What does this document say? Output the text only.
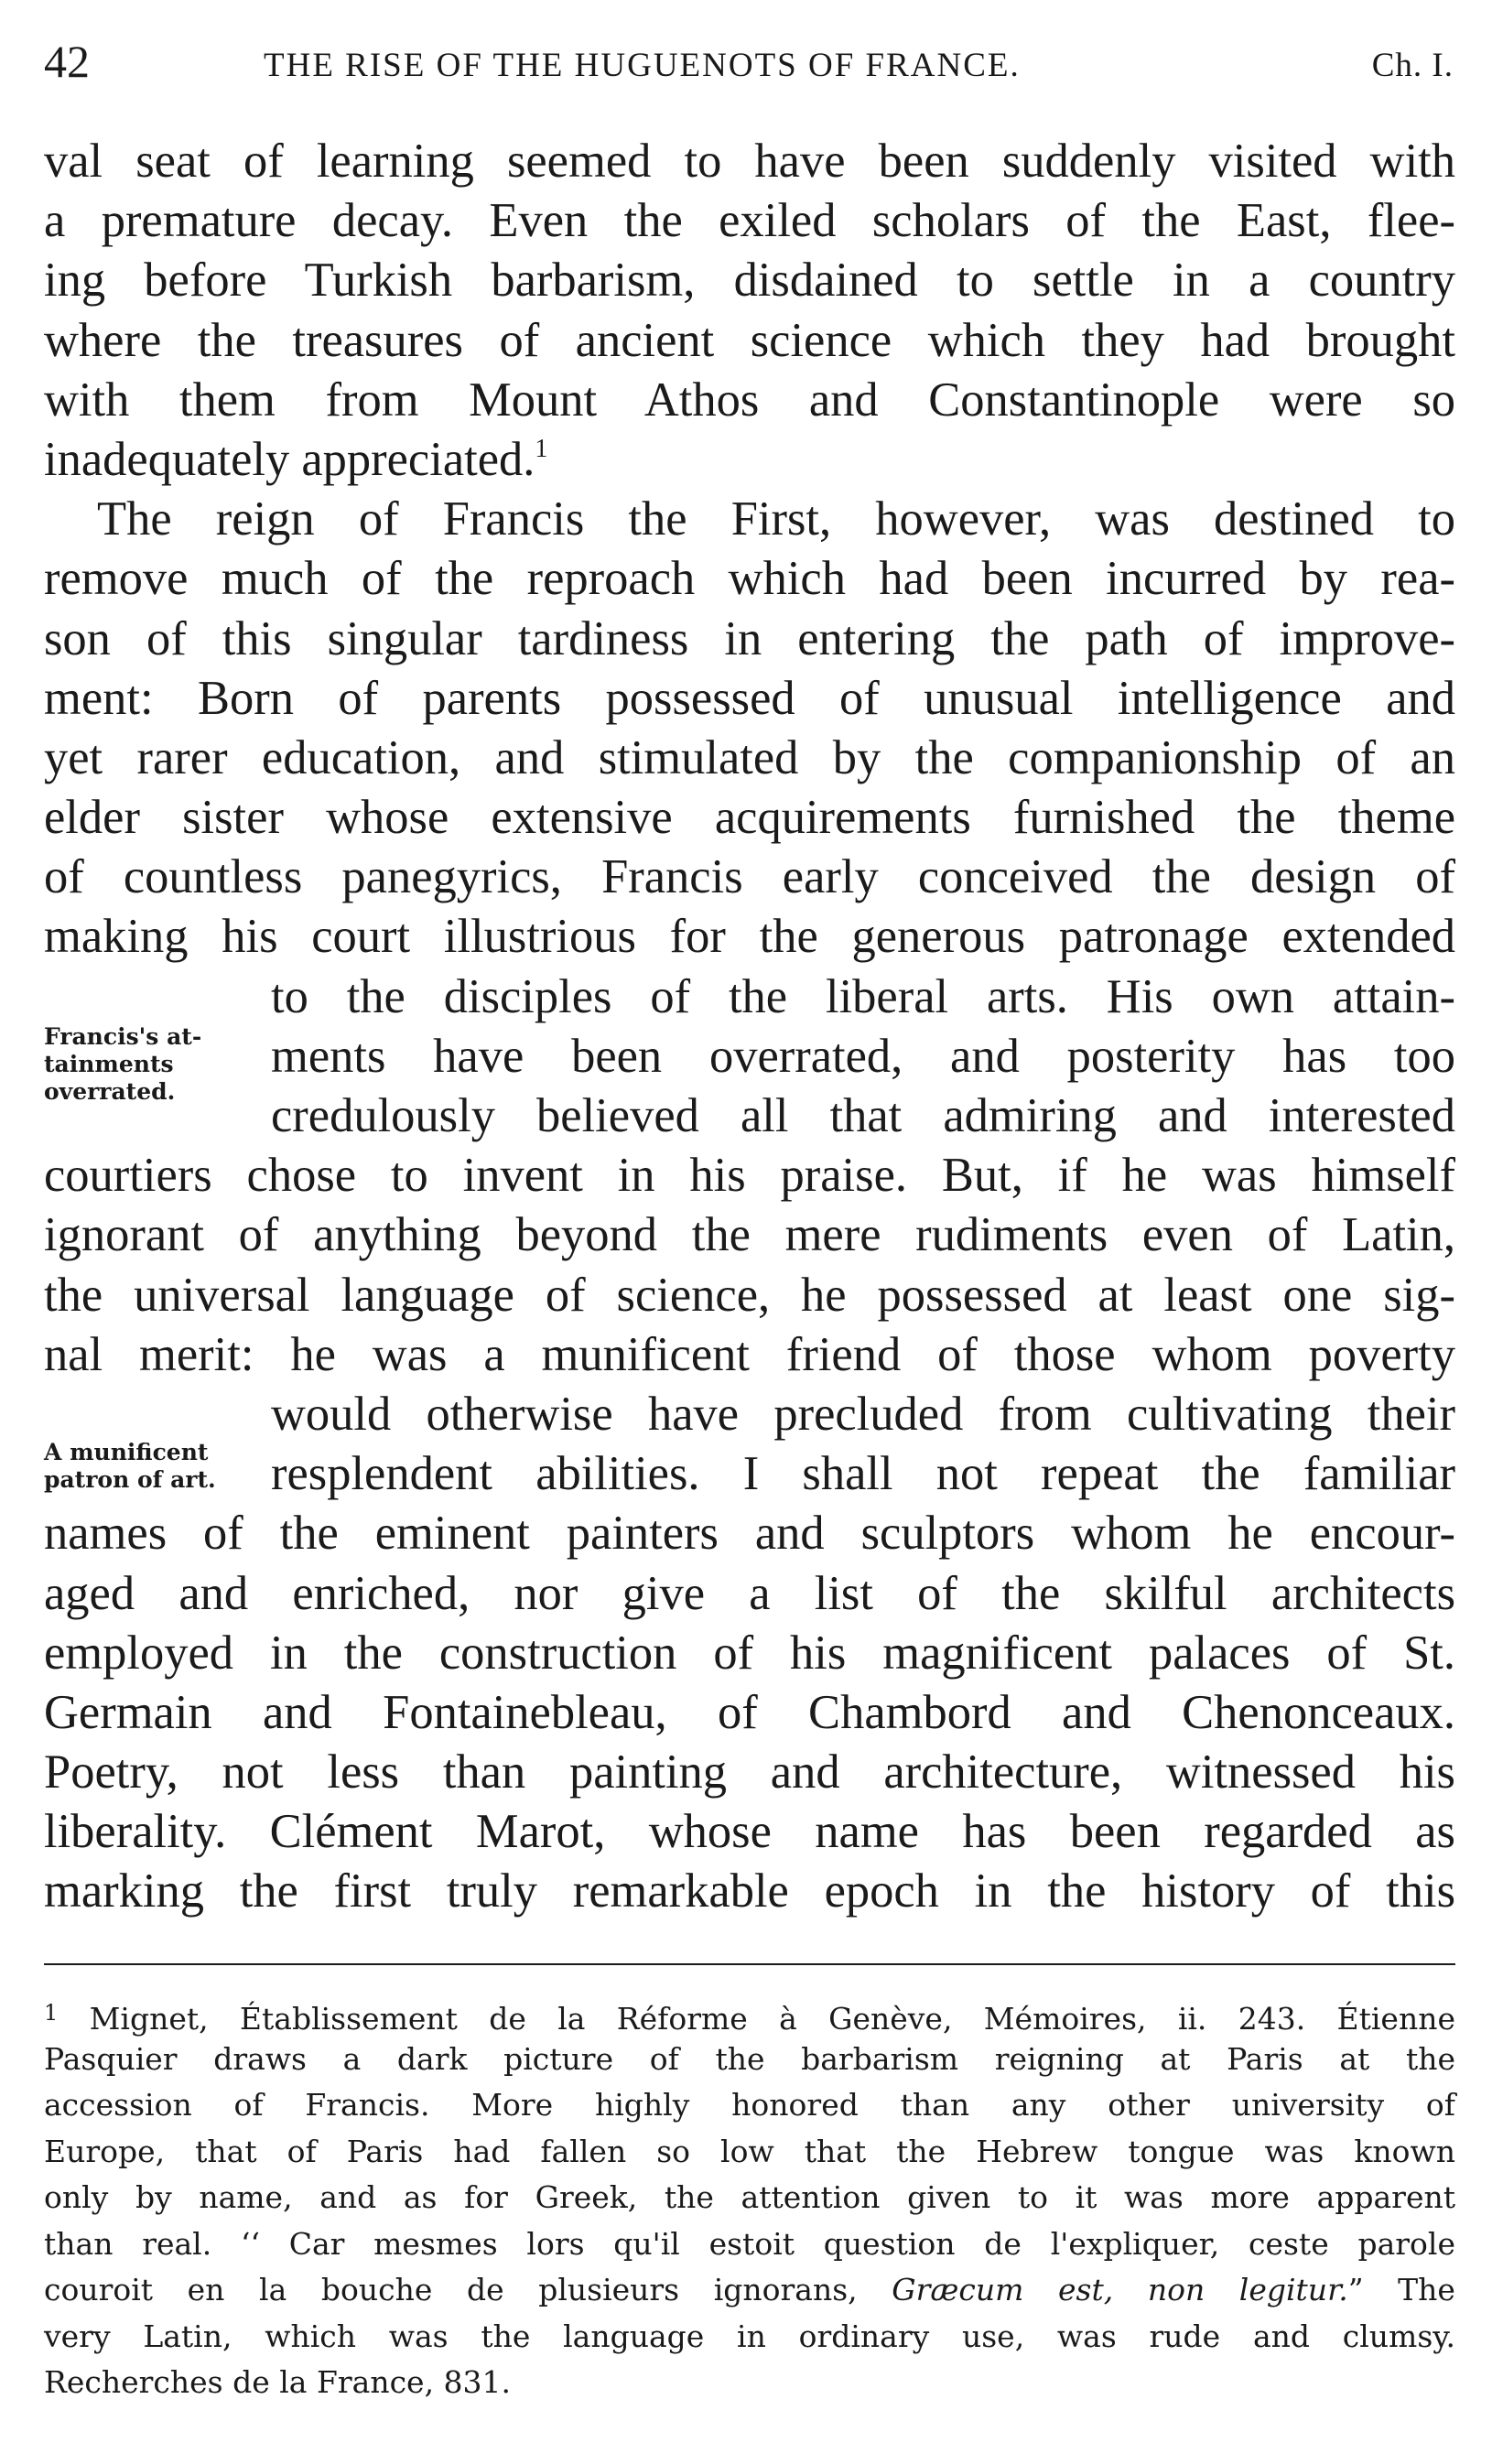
42	THE RISE OF THE HUGUENOTS OF FRANCE.	Ch. I.
val seat of learning seemed to have been suddenly visited with
a premature decay. Even the exiled scholars of the East, flee-
ing before Turkish barbarism, disdained to settle in a country
where the treasures of ancient science which they had brought
with them from Mount Athos and Constantinople were so
inadequately appreciated.$^1$
The reign of Francis the First, however, was destined to
remove much of the reproach which had been incurred by rea-
son of this singular tardiness in entering the path of improve-
ment: Born of parents possessed of unusual intelligence and
yet rarer education, and stimulated by the companionship of an
elder sister whose extensive acquirements furnished the theme
of countless panegyrics, Francis early conceived the design of
making his court illustrious for the generous patronage extended
to the disciples of the liberal arts. His own attain-
ments have been overrated, and posterity has too
credulously believed all that admiring and interested
courtiers chose to invent in his praise. But, if he was himself
ignorant of anything beyond the mere rudiments even of Latin,
the universal language of science, he possessed at least one sig-
nal merit: he was a munificent friend of those whom poverty
would otherwise have precluded from cultivating their
resplendent abilities. I shall not repeat the familiar
names of the eminent painters and sculptors whom he encour-
aged and enriched, nor give a list of the skilful architects
employed in the construction of his magnificent palaces of St.
Germain and Fontainebleau, of Chambord and Chenonceaux.
Poetry, not less than painting and architecture, witnessed his
liberality. Clément Marot, whose name has been regarded as
marking the first truly remarkable epoch in the history of this
Francis's at-
tainments
overrated.
A munificent
patron of art.
$^1$ Mignet, Établissement de la Réforme à Genève, Mémoires, ii. 243. Étienne
Pasquier draws a dark picture of the barbarism reigning at Paris at the
accession of Francis. More highly honored than any other university of
Europe, that of Paris had fallen so low that the Hebrew tongue was known
only by name, and as for Greek, the attention given to it was more apparent
than real. ‘‘ Car mesmes lors qu'il estoit question de l'expliquer, ceste parole
couroit en la bouche de plusieurs ignorans, Græcum est, non legitur.” The
very Latin, which was the language in ordinary use, was rude and clumsy.
Recherches de la France, 831.
